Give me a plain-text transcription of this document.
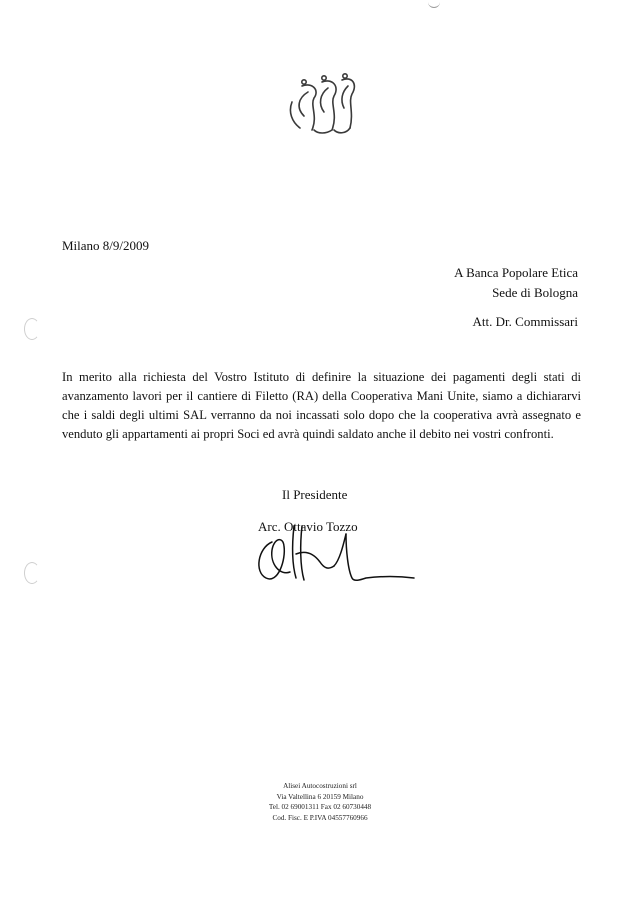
Milano 8/9/2009
A Banca Popolare Etica
Sede di Bologna
Att. Dr. Commissari

In merito alla richiesta del Vostro Istituto di definire la situazione dei pagamenti degli stati di avanzamento lavori per il cantiere di Filetto (RA) della Cooperativa Mani Unite, siamo a dichiararvi che i saldi degli ultimi SAL verranno da noi incassati solo dopo che la cooperativa avrà assegnato e venduto gli appartamenti ai propri Soci ed avrà quindi saldato anche il debito nei vostri confronti.

Il Presidente
Arc. Ottavio Tozzo
Alisei Autocostruzioni srl
Via Valtellina 6 20159 Milano
Tel. 02 69001311 Fax 02 60730448
Cod. Fisc. E P.IVA 04557760966
